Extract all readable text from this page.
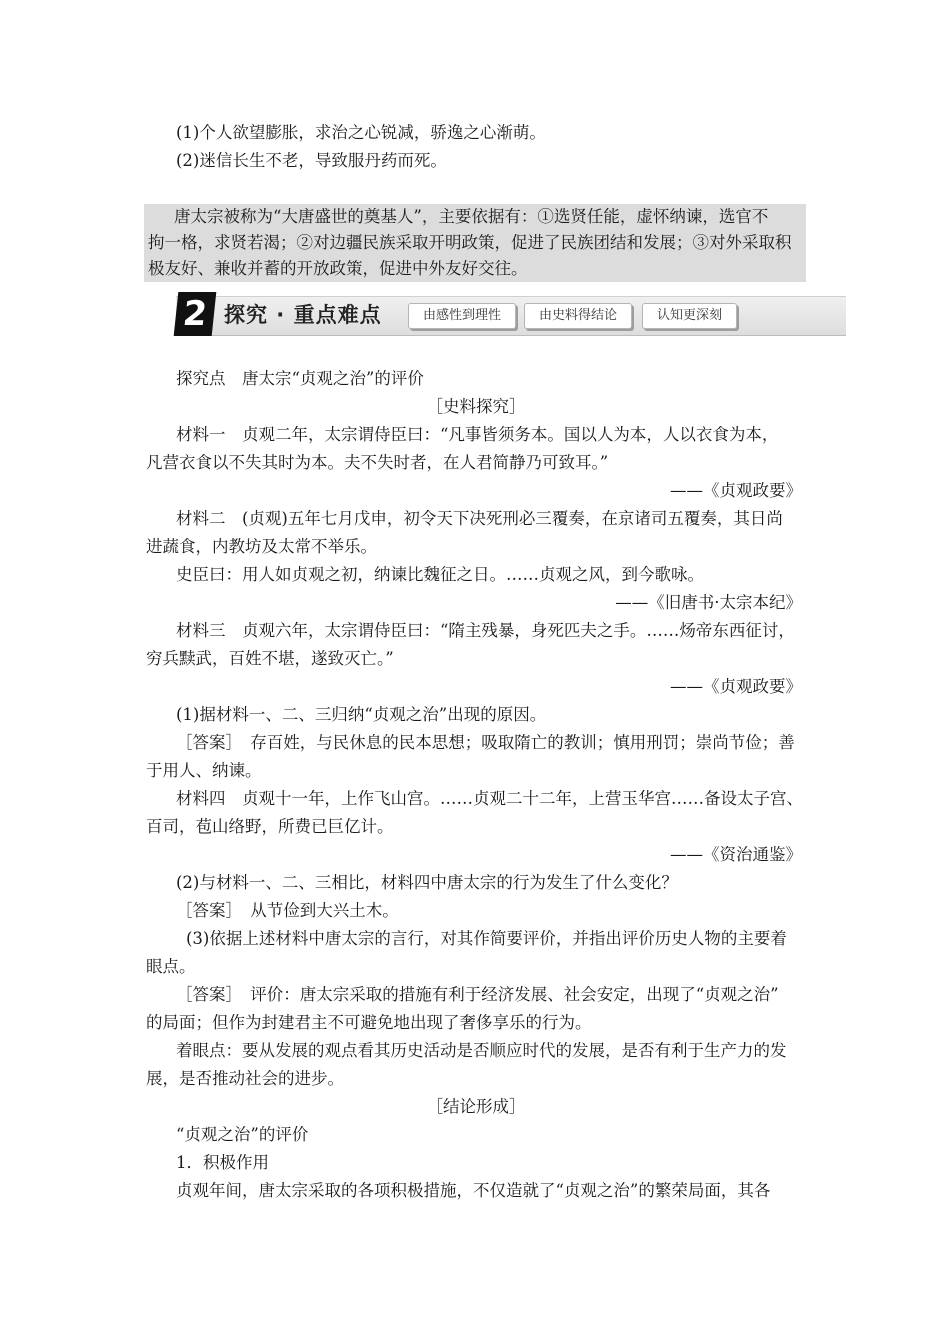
(1)个人欲望膨胀，求治之心锐减，骄逸之心渐萌。
(2)迷信长生不老，导致服丹药而死。
唐太宗被称为“大唐盛世的奠基人”，主要依据有：①选贤任能，虚怀纳谏，选官不
拘一格，求贤若渴；②对边疆民族采取开明政策，促进了民族团结和发展；③对外采取积
极友好、兼收并蓄的开放政策，促进中外友好交往。
2 探究 · 重点难点	由感性到理性	由史料得结论	认知更深刻
探究点　唐太宗“贞观之治”的评价
［史料探究］
材料一　贞观二年，太宗谓侍臣曰：“凡事皆须务本。国以人为本，人以衣食为本，
凡营衣食以不失其时为本。夫不失时者，在人君简静乃可致耳。”
——《贞观政要》
材料二　(贞观)五年七月戊申，初令天下决死刑必三覆奏，在京诸司五覆奏，其日尚
进蔬食，内教坊及太常不举乐。
史臣曰：用人如贞观之初，纳谏比魏征之日。……贞观之风，到今歌咏。
——《旧唐书·太宗本纪》
材料三　贞观六年，太宗谓侍臣曰：“隋主残暴，身死匹夫之手。……炀帝东西征讨，
穷兵黩武，百姓不堪，遂致灭亡。”
——《贞观政要》
(1)据材料一、二、三归纳“贞观之治”出现的原因。
［答案］　存百姓，与民休息的民本思想；吸取隋亡的教训；慎用刑罚；崇尚节俭；善
于用人、纳谏。
材料四　贞观十一年，上作飞山宫。……贞观二十二年，上营玉华宫……备设太子宫、
百司，苞山络野，所费已巨亿计。
——《资治通鉴》
(2)与材料一、二、三相比，材料四中唐太宗的行为发生了什么变化？
［答案］　从节俭到大兴土木。
(3)依据上述材料中唐太宗的言行，对其作简要评价，并指出评价历史人物的主要着
眼点。
［答案］　评价：唐太宗采取的措施有利于经济发展、社会安定，出现了“贞观之治”
的局面；但作为封建君主不可避免地出现了奢侈享乐的行为。
着眼点：要从发展的观点看其历史活动是否顺应时代的发展，是否有利于生产力的发
展，是否推动社会的进步。
［结论形成］
“贞观之治”的评价
1．积极作用
贞观年间，唐太宗采取的各项积极措施，不仅造就了“贞观之治”的繁荣局面，其各
